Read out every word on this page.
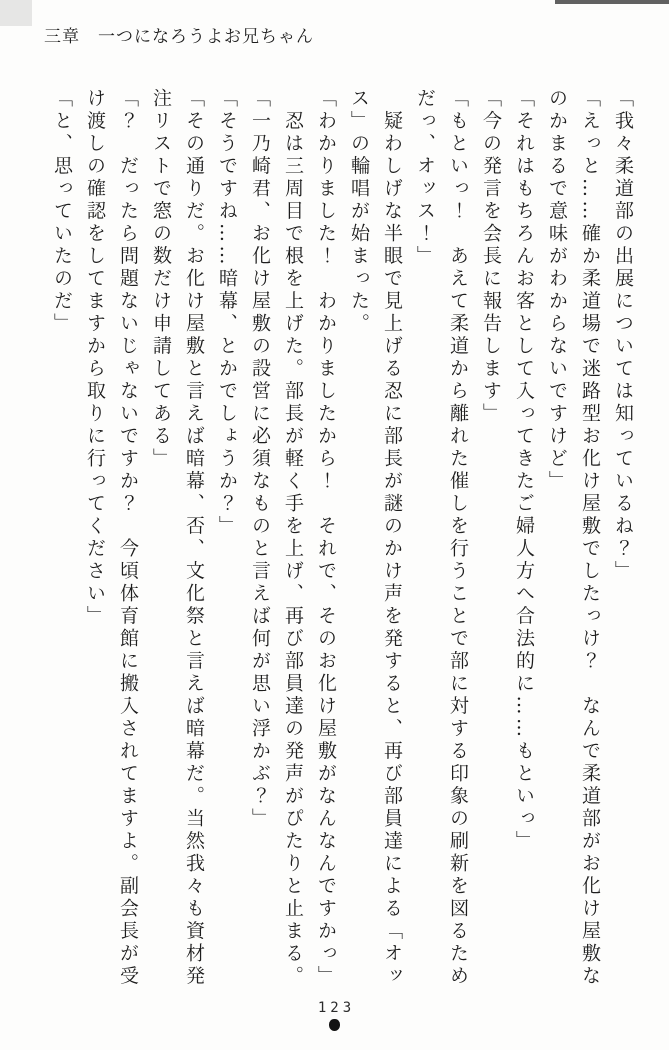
三章　一つになろうよお兄ちゃん

「我々柔道部の出展については知っているね？」

「えっと……確か柔道場で迷路型お化け屋敷でしたっけ？　なんで柔道部がお化け屋敷な

のかまるで意味がわからないですけど」

「それはもちろんお客として入ってきたご婦人方へ合法的に……もといっ」

「今の発言を会長に報告します」

「もといっ！　あえて柔道から離れた催しを行うことで部に対する印象の刷新を図るため

だっ、オッス！」

　疑わしげな半眼で見上げる忍に部長が謎のかけ声を発すると、再び部員達による「オッ

ス」の輪唱が始まった。

「わかりました！　わかりましたから！　それで、そのお化け屋敷がなんなんですかっ」

　忍は三周目で根を上げた。部長が軽く手を上げ、再び部員達の発声がぴたりと止まる。

「一乃崎君、お化け屋敷の設営に必須なものと言えば何が思い浮かぶ？」

「そうですね……暗幕、とかでしょうか？」

「その通りだ。お化け屋敷と言えば暗幕、否、文化祭と言えば暗幕だ。当然我々も資材発

注リストで窓の数だけ申請してある」

「？　だったら問題ないじゃないですか？　今頃体育館に搬入されてますよ。副会長が受

け渡しの確認をしてますから取りに行ってください」

「と、思っていたのだ」

123
